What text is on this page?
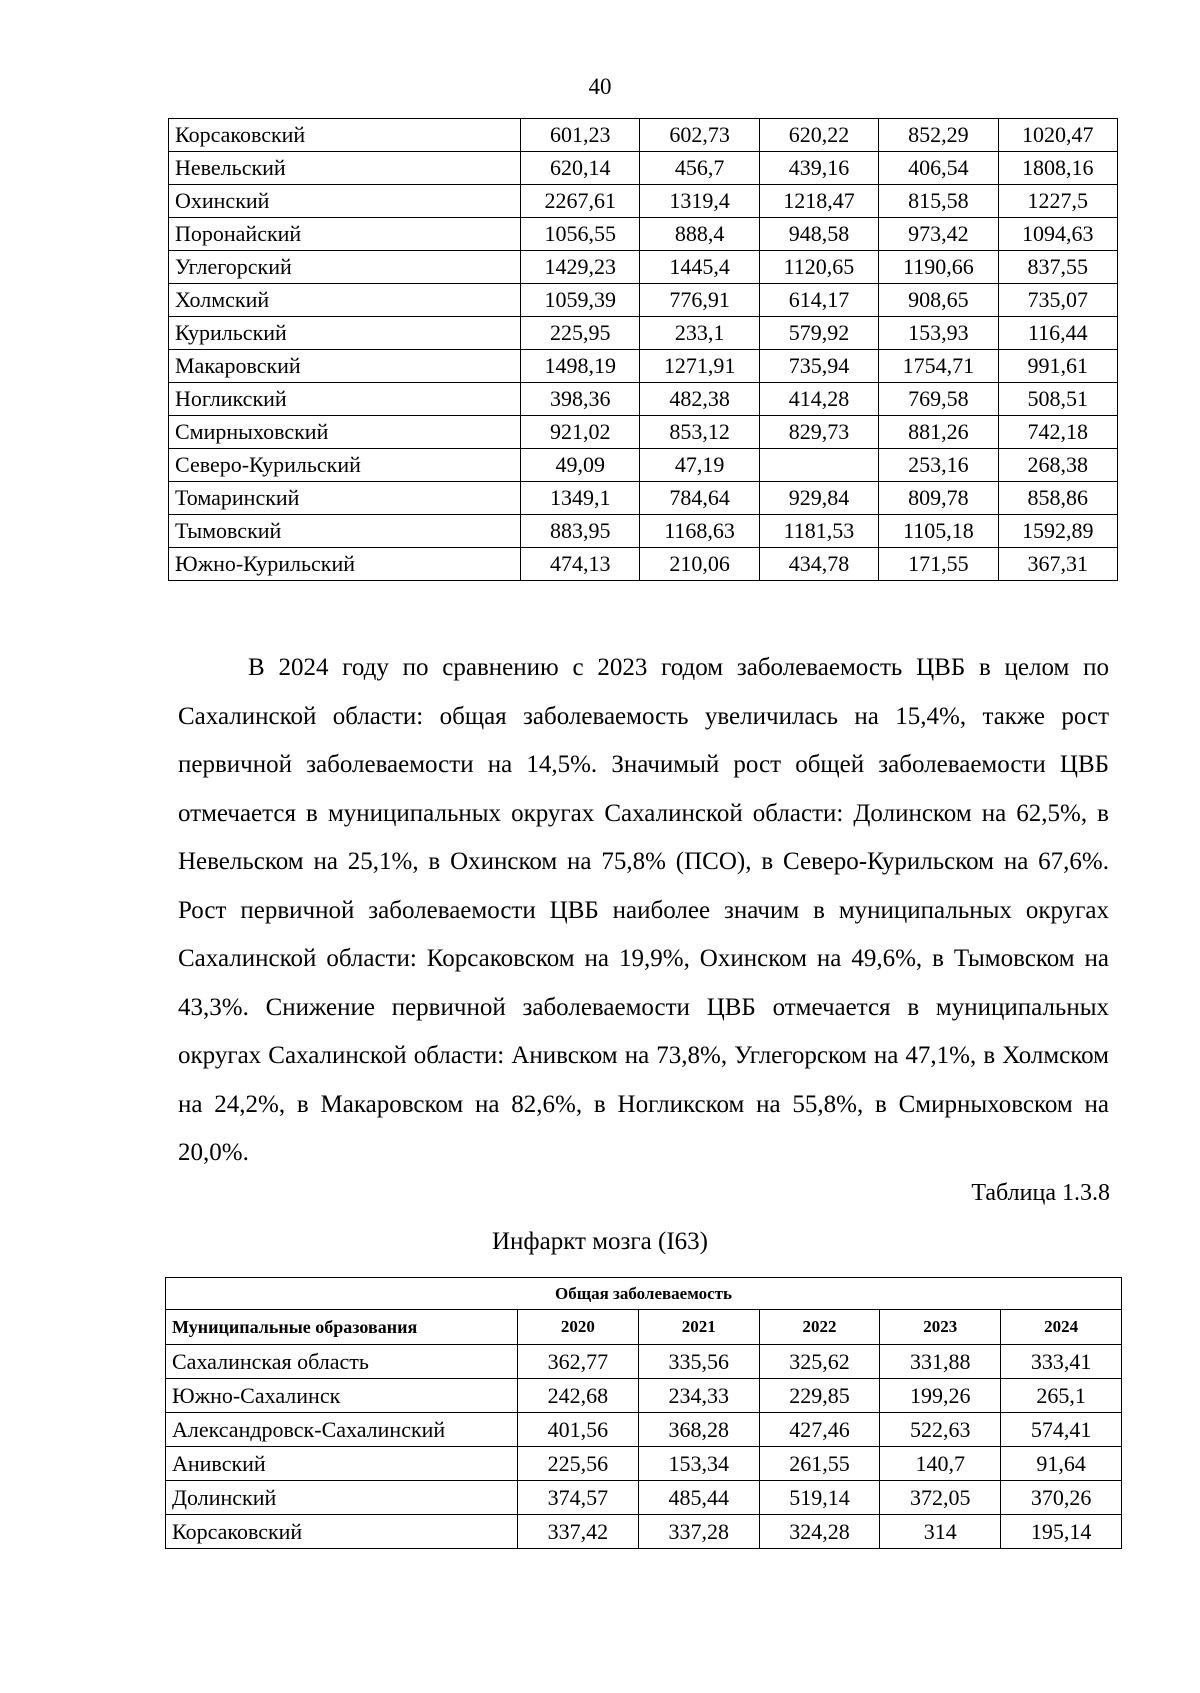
40
Корсаковский	601,23	602,73	620,22	852,29	1020,47
Невельский	620,14	456,7	439,16	406,54	1808,16
Охинский	2267,61	1319,4	1218,47	815,58	1227,5
Поронайский	1056,55	888,4	948,58	973,42	1094,63
Углегорский	1429,23	1445,4	1120,65	1190,66	837,55
Холмский	1059,39	776,91	614,17	908,65	735,07
Курильский	225,95	233,1	579,92	153,93	116,44
Макаровский	1498,19	1271,91	735,94	1754,71	991,61
Ногликский	398,36	482,38	414,28	769,58	508,51
Смирныховский	921,02	853,12	829,73	881,26	742,18
Северо-Курильский	49,09	47,19		253,16	268,38
Томаринский	1349,1	784,64	929,84	809,78	858,86
Тымовский	883,95	1168,63	1181,53	1105,18	1592,89
Южно-Курильский	474,13	210,06	434,78	171,55	367,31

В 2024 году по сравнению с 2023 годом заболеваемость ЦВБ в целом по Сахалинской области: общая заболеваемость увеличилась на 15,4%, также рост первичной заболеваемости на 14,5%. Значимый рост общей заболеваемости ЦВБ отмечается в муниципальных округах Сахалинской области: Долинском на 62,5%, в Невельском на 25,1%, в Охинском на 75,8% (ПСО), в Северо-Курильском на 67,6%. Рост первичной заболеваемости ЦВБ наиболее значим в муниципальных округах Сахалинской области: Корсаковском на 19,9%, Охинском на 49,6%, в Тымовском на 43,3%. Снижение первичной заболеваемости ЦВБ отмечается в муниципальных округах Сахалинской области: Анивском на 73,8%, Углегорском на 47,1%, в Холмском на 24,2%, в Макаровском на 82,6%, в Ногликском на 55,8%, в Смирныховском на 20,0%.

Таблица 1.3.8
Инфаркт мозга (I63)
Общая заболеваемость					
Муниципальные образования	2020	2021	2022	2023	2024
Сахалинская область	362,77	335,56	325,62	331,88	333,41
Южно-Сахалинск	242,68	234,33	229,85	199,26	265,1
Александровск-Сахалинский	401,56	368,28	427,46	522,63	574,41
Анивский	225,56	153,34	261,55	140,7	91,64
Долинский	374,57	485,44	519,14	372,05	370,26
Корсаковский	337,42	337,28	324,28	314	195,14
